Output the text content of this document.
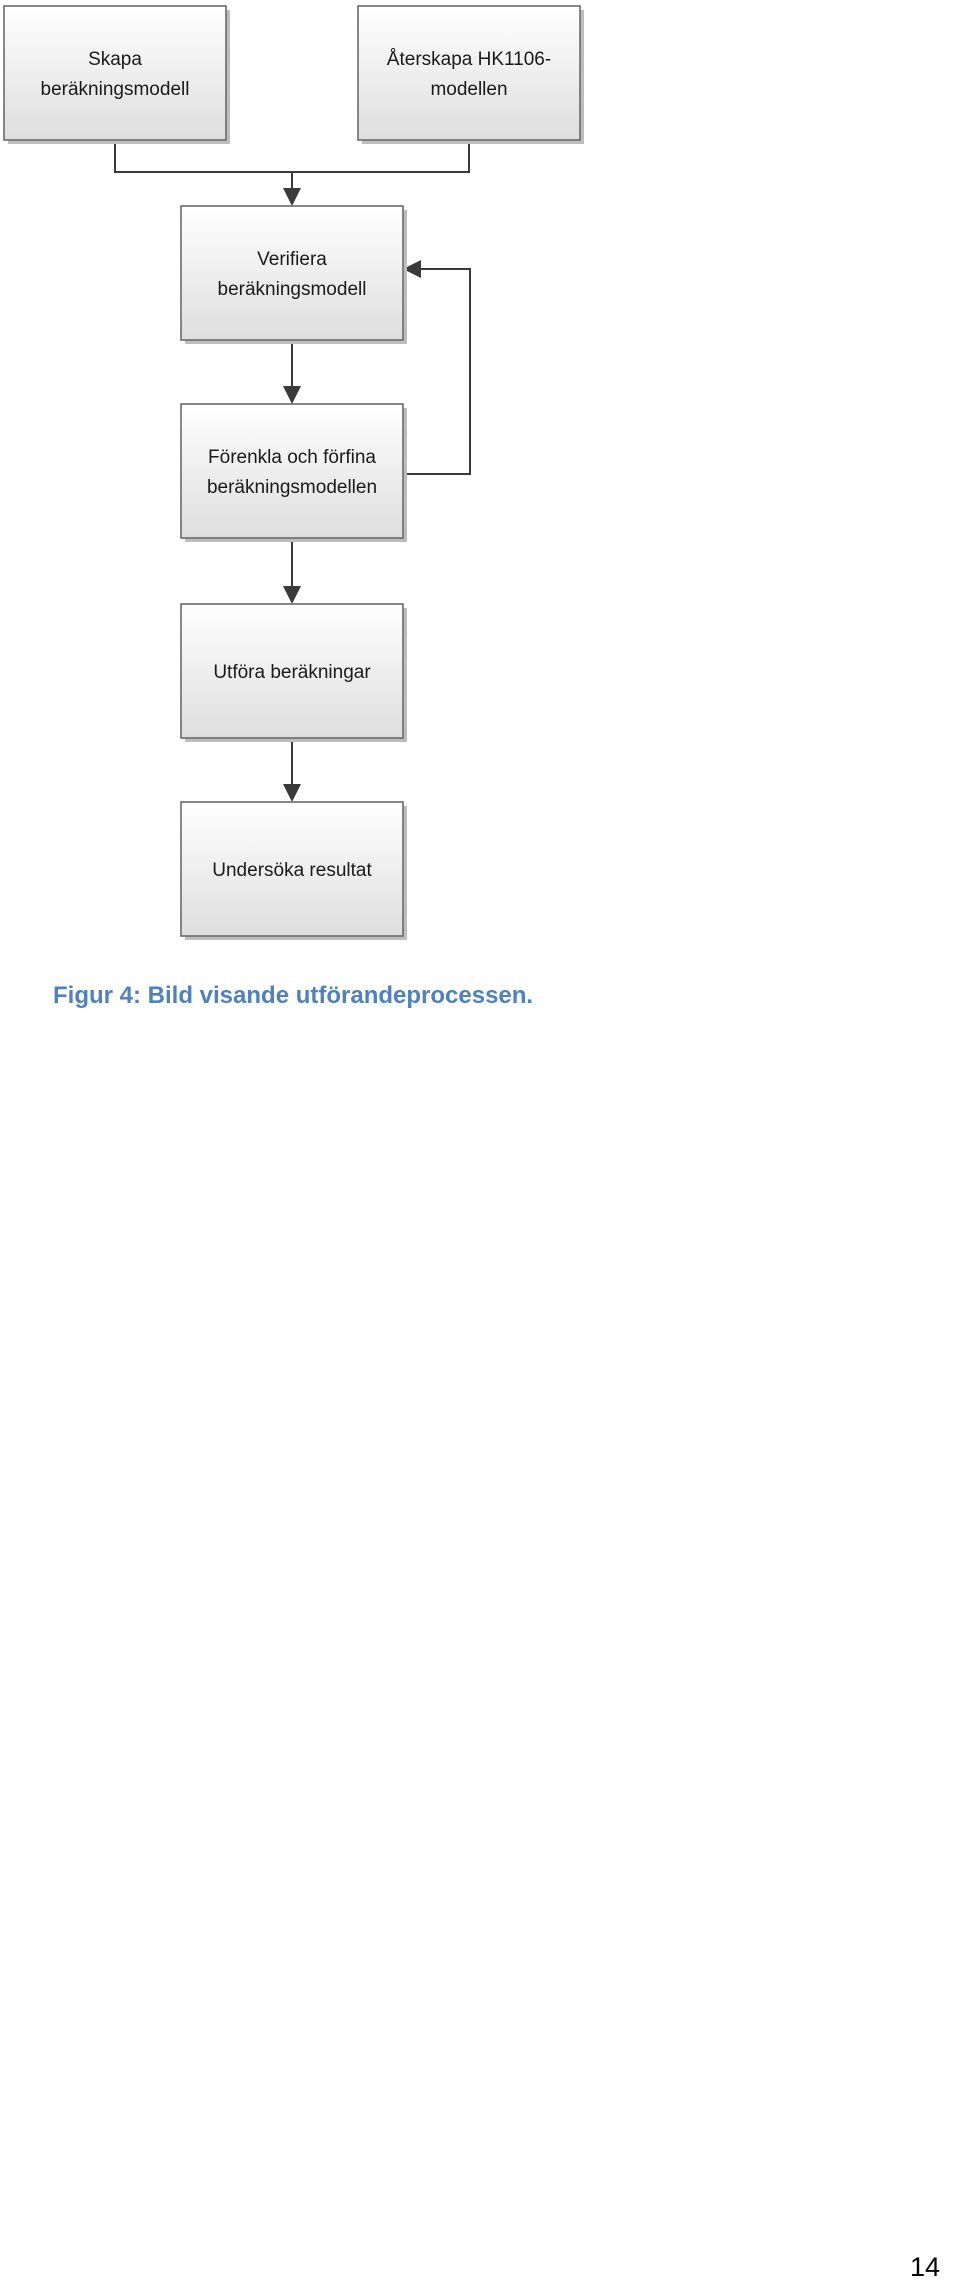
Skapa
beräkningsmodell
Återskapa HK1106-
modellen
Verifiera
beräkningsmodell
Förenkla och förfina
beräkningsmodellen
Utföra beräkningar
Undersöka resultat

Figur 4: Bild visande utförandeprocessen.

14
